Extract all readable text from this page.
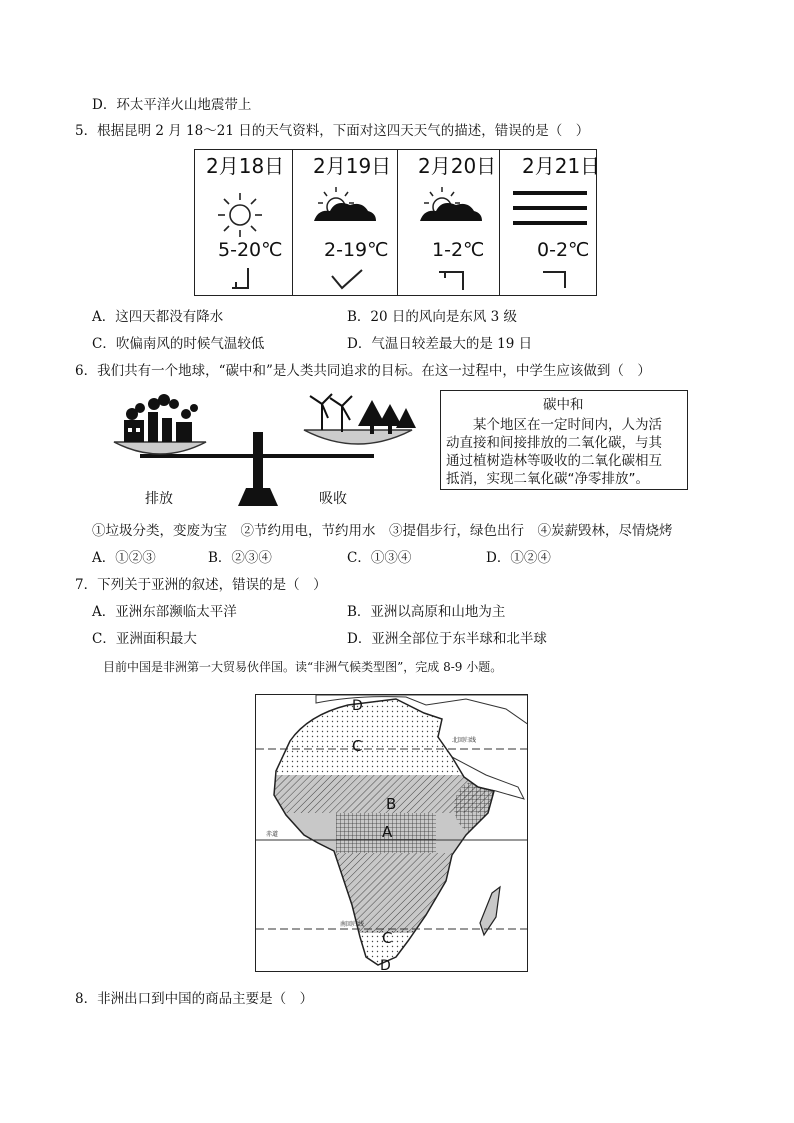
D．环太平洋火山地震带上
5．根据昆明 2 月 18～21 日的天气资料，下面对这四天天气的描述，错误的是（　）
2月18日
5-20℃
2月19日
2-19℃
2月20日
1-2℃
2月21日
0-2℃
A．这四天都没有降水	B．20 日的风向是东风 3 级
C．吹偏南风的时候气温较低	D．气温日较差最大的是 19 日
6．我们共有一个地球，“碳中和”是人类共同追求的目标。在这一过程中，中学生应该做到（　）
排放	吸收
碳中和
某个地区在一定时间内，人为活
动直接和间接排放的二氧化碳，与其
通过植树造林等吸收的二氧化碳相互
抵消，实现二氧化碳“净零排放”。
①垃圾分类，变废为宝　②节约用电，节约用水　③提倡步行，绿色出行　④炭薪毁林，尽情烧烤
A．①②③	B．②③④	C．①③④	D．①②④
7．下列关于亚洲的叙述，错误的是（　）
A．亚洲东部濒临太平洋	B．亚洲以高原和山地为主
C．亚洲面积最大	D．亚洲全部位于东半球和北半球
目前中国是非洲第一大贸易伙伴国。读“非洲气候类型图”，完成 8-9 小题。
D
C
B
A
C
D
北回归线
赤道
南回归线
8．非洲出口到中国的商品主要是（　）
